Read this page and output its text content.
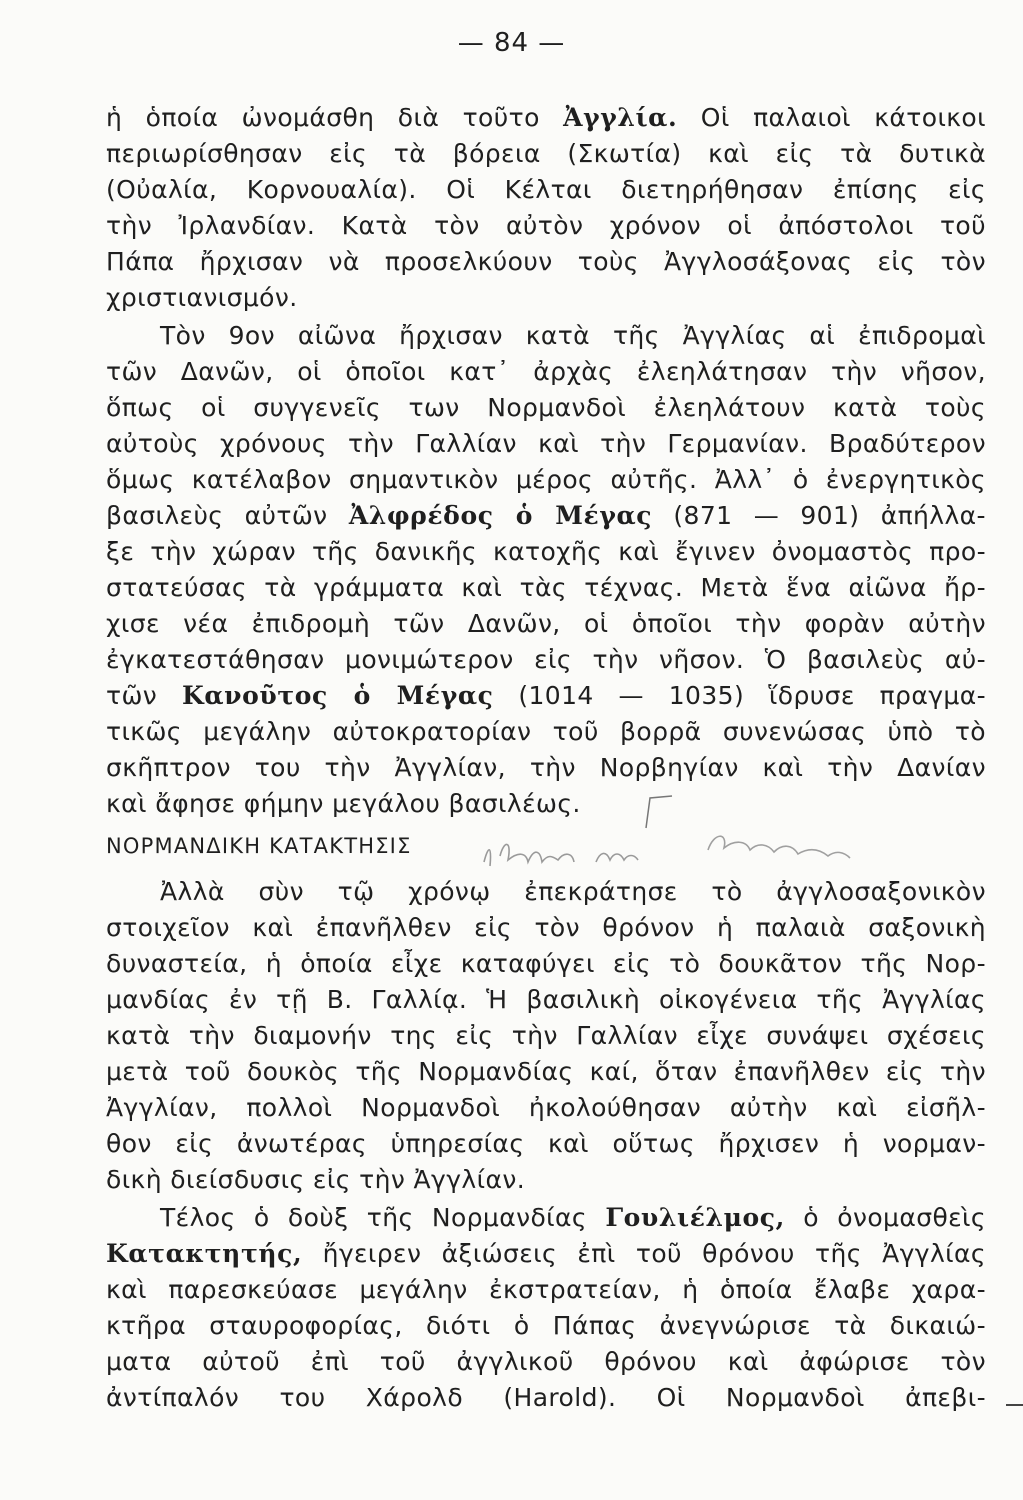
— 84 —
ἡ ὁποία ὠνομάσθη διὰ τοῦτο Ἀγγλία. Οἱ παλαιοὶ κάτοικοι
περιωρίσθησαν εἰς τὰ βόρεια (Σκωτία) καὶ εἰς τὰ δυτικὰ
(Οὐαλία, Κορνουαλία). Οἱ Κέλται διετηρήθησαν ἐπίσης εἰς
τὴν Ἰρλανδίαν. Κατὰ τὸν αὐτὸν χρόνον οἱ ἀπόστολοι τοῦ
Πάπα ἤρχισαν νὰ προσελκύουν τοὺς Ἀγγλοσάξονας εἰς τὸν
χριστιανισμόν.
Τὸν 9ον αἰῶνα ἤρχισαν κατὰ τῆς Ἀγγλίας αἱ ἐπιδρομαὶ
τῶν Δανῶν, οἱ ὁποῖοι κατ᾽ ἀρχὰς ἐλεηλάτησαν τὴν νῆσον,
ὅπως οἱ συγγενεῖς των Νορμανδοὶ ἐλεηλάτουν κατὰ τοὺς
αὐτοὺς χρόνους τὴν Γαλλίαν καὶ τὴν Γερμανίαν. Βραδύτερον
ὅμως κατέλαβον σημαντικὸν μέρος αὐτῆς. Ἀλλ᾽ ὁ ἐνεργητικὸς
βασιλεὺς αὐτῶν Ἀλφρέδος ὁ Μέγας (871 — 901) ἀπήλλα-
ξε τὴν χώραν τῆς δανικῆς κατοχῆς καὶ ἔγινεν ὀνομαστὸς προ-
στατεύσας τὰ γράμματα καὶ τὰς τέχνας. Μετὰ ἕνα αἰῶνα ἤρ-
χισε νέα ἐπιδρομὴ τῶν Δανῶν, οἱ ὁποῖοι τὴν φορὰν αὐτὴν
ἐγκατεστάθησαν μονιμώτερον εἰς τὴν νῆσον. Ὁ βασιλεὺς αὐ-
τῶν Κανοῦτος ὁ Μέγας (1014 — 1035) ἵδρυσε πραγμα-
τικῶς μεγάλην αὐτοκρατορίαν τοῦ βορρᾶ συνενώσας ὑπὸ τὸ
σκῆπτρον του τὴν Ἀγγλίαν, τὴν Νορβηγίαν καὶ τὴν Δανίαν
καὶ ἄφησε φήμην μεγάλου βασιλέως.
ΝΟΡΜΑΝΔΙΚΗ ΚΑΤΑΚΤΗΣΙΣ
Ἀλλὰ σὺν τῷ χρόνῳ ἐπεκράτησε τὸ ἀγγλοσαξονικὸν
στοιχεῖον καὶ ἐπανῆλθεν εἰς τὸν θρόνον ἡ παλαιὰ σαξονικὴ
δυναστεία, ἡ ὁποία εἶχε καταφύγει εἰς τὸ δουκᾶτον τῆς Νορ-
μανδίας ἐν τῇ Β. Γαλλίᾳ. Ἡ βασιλικὴ οἰκογένεια τῆς Ἀγγλίας
κατὰ τὴν διαμονήν της εἰς τὴν Γαλλίαν εἶχε συνάψει σχέσεις
μετὰ τοῦ δουκὸς τῆς Νορμανδίας καί, ὅταν ἐπανῆλθεν εἰς τὴν
Ἀγγλίαν, πολλοὶ Νορμανδοὶ ἠκολούθησαν αὐτὴν καὶ εἰσῆλ-
θον εἰς ἀνωτέρας ὑπηρεσίας καὶ οὕτως ἤρχισεν ἡ νορμαν-
δικὴ διείσδυσις εἰς τὴν Ἀγγλίαν.
Τέλος ὁ δοὺξ τῆς Νορμανδίας Γουλιέλμος, ὁ ὀνομασθεὶς
Κατακτητής, ἤγειρεν ἀξιώσεις ἐπὶ τοῦ θρόνου τῆς Ἀγγλίας
καὶ παρεσκεύασε μεγάλην ἐκστρατείαν, ἡ ὁποία ἔλαβε χαρα-
κτῆρα σταυροφορίας, διότι ὁ Πάπας ἀνεγνώρισε τὰ δικαιώ-
ματα αὐτοῦ ἐπὶ τοῦ ἀγγλικοῦ θρόνου καὶ ἀφώρισε τὸν
ἀντίπαλόν του Χάρολδ (Harold). Οἱ Νορμανδοὶ ἀπεβι-
